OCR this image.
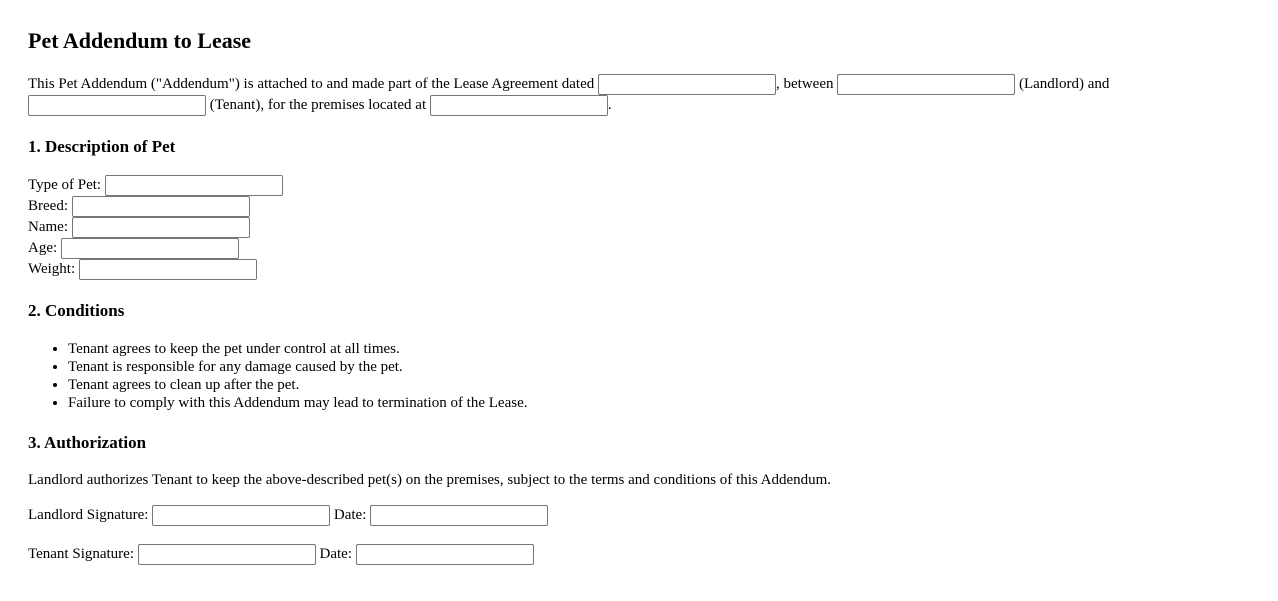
Pet Addendum to Lease
This Pet Addendum ("Addendum") is attached to and made part of the Lease Agreement dated	, between	(Landlord) and
(Tenant), for the premises located at	.
1. Description of Pet
Type of Pet:
Breed:
Name:
Age:
Weight:
2. Conditions
• Tenant agrees to keep the pet under control at all times.
• Tenant is responsible for any damage caused by the pet.
• Tenant agrees to clean up after the pet.
• Failure to comply with this Addendum may lead to termination of the Lease.
3. Authorization
Landlord authorizes Tenant to keep the above-described pet(s) on the premises, subject to the terms and conditions of this Addendum.
Landlord Signature:	Date:
Tenant Signature:	Date:
